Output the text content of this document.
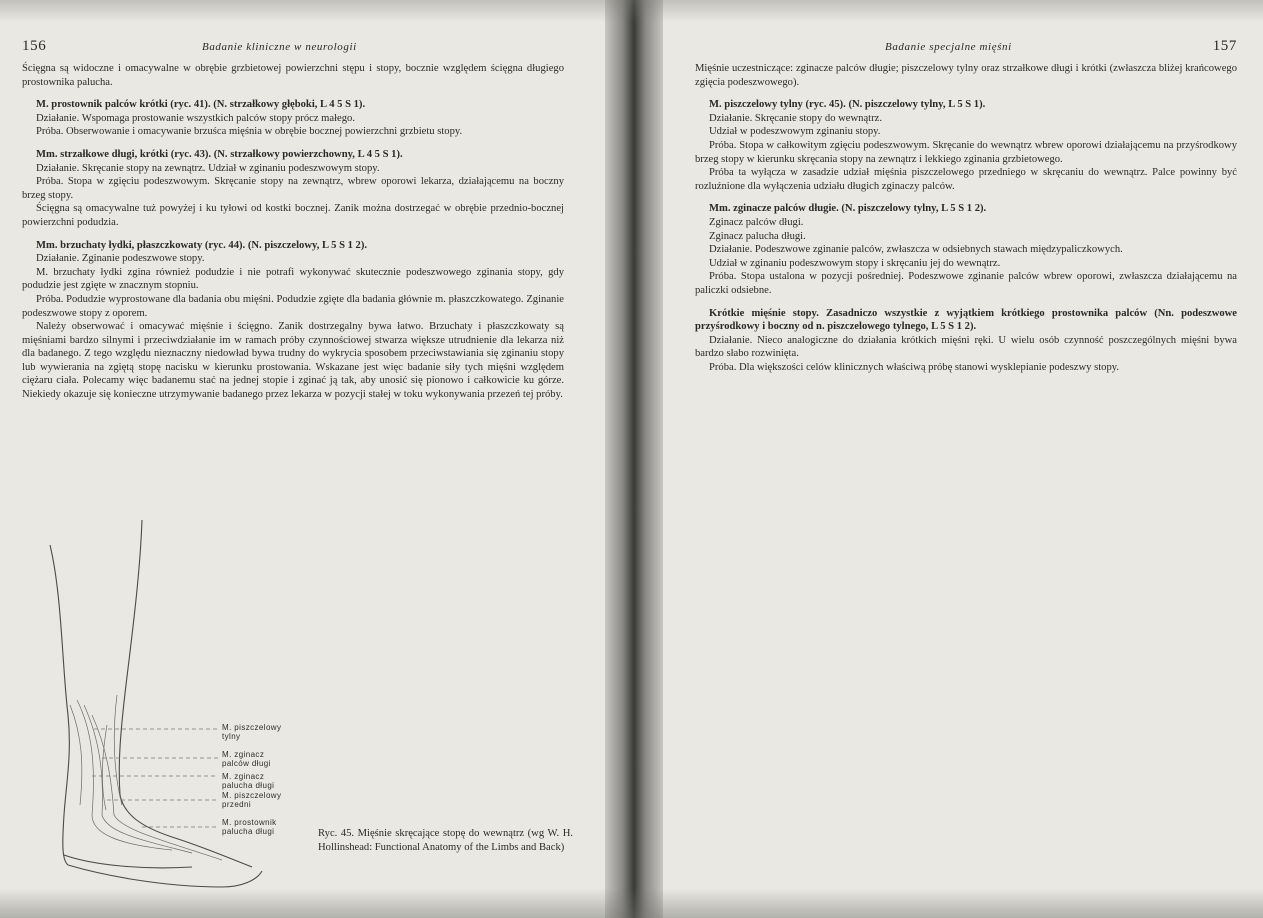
156	Badanie kliniczne w neurologii

Ścięgna są widoczne i omacywalne w obrębie grzbietowej powierzchni stępu i stopy, bocznie względem ścięgna długiego prostownika palucha.

M. prostownik palców krótki (ryc. 41). (N. strzałkowy głęboki, L 4 5 S 1).

Działanie. Wspomaga prostowanie wszystkich palców stopy prócz małego.

Próba. Obserwowanie i omacywanie brzuśca mięśnia w obrębie bocznej powierzchni grzbietu stopy.

Mm. strzałkowe długi, krótki (ryc. 43). (N. strzałkowy powierzchowny, L 4 5 S 1).

Działanie. Skręcanie stopy na zewnątrz. Udział w zginaniu podeszwowym stopy.

Próba. Stopa w zgięciu podeszwowym. Skręcanie stopy na zewnątrz, wbrew oporowi lekarza, działającemu na boczny brzeg stopy.

Ścięgna są omacywalne tuż powyżej i ku tyłowi od kostki bocznej. Zanik można dostrzegać w obrębie przednio-bocznej powierzchni podudzia.

Mm. brzuchaty łydki, płaszczkowaty (ryc. 44). (N. piszczelowy, L 5 S 1 2).

Działanie. Zginanie podeszwowe stopy.

M. brzuchaty łydki zgina również podudzie i nie potrafi wykonywać skutecznie podeszwowego zginania stopy, gdy podudzie jest zgięte w znacznym stopniu.

Próba. Podudzie wyprostowane dla badania obu mięśni. Podudzie zgięte dla badania głównie m. płaszczkowatego. Zginanie podeszwowe stopy z oporem.

Należy obserwować i omacywać mięśnie i ścięgno. Zanik dostrzegalny bywa łatwo. Brzuchaty i płaszczkowaty są mięśniami bardzo silnymi i przeciwdziałanie im w ramach próby czynnościowej stwarza większe utrudnienie dla lekarza niż dla badanego. Z tego względu nieznaczny niedowład bywa trudny do wykrycia sposobem przeciwstawiania się zginaniu stopy lub wywierania na zgiętą stopę nacisku w kierunku prostowania. Wskazane jest więc badanie siły tych mięśni względem ciężaru ciała. Polecamy więc badanemu stać na jednej stopie i zginać ją tak, aby unosić się pionowo i całkowicie ku górze. Niekiedy okazuje się konieczne utrzymywanie badanego przez lekarza w pozycji stałej w toku wykonywania przezeń tej próby.

M. piszczelowy tylny
M. zginacz palców długi
M. zginacz palucha długi
M. piszczelowy przedni
M. prostownik palucha długi	Ryc. 45. Mięśnie skręcające stopę do wewnątrz (wg W. H. Hollinshead: Functional Anatomy of the Limbs and Back)
Badanie specjalne mięśni	157

Mięśnie uczestniczące: zginacze palców długie; piszczelowy tylny oraz strzałkowe długi i krótki (zwłaszcza bliżej krańcowego zgięcia podeszwowego).

M. piszczelowy tylny (ryc. 45). (N. piszczelowy tylny, L 5 S 1).

Działanie. Skręcanie stopy do wewnątrz.

Udział w podeszwowym zginaniu stopy.

Próba. Stopa w całkowitym zgięciu podeszwowym. Skręcanie do wewnątrz wbrew oporowi działającemu na przyśrodkowy brzeg stopy w kierunku skręcania stopy na zewnątrz i lekkiego zginania grzbietowego.

Próba ta wyłącza w zasadzie udział mięśnia piszczelowego przedniego w skręcaniu do wewnątrz. Palce powinny być rozluźnione dla wyłączenia udziału długich zginaczy palców.

Mm. zginacze palców długie. (N. piszczelowy tylny, L 5 S 1 2).

Zginacz palców długi.

Zginacz palucha długi.

Działanie. Podeszwowe zginanie palców, zwłaszcza w odsiebnych stawach międzypaliczkowych.

Udział w zginaniu podeszwowym stopy i skręcaniu jej do wewnątrz.

Próba. Stopa ustalona w pozycji pośredniej. Podeszwowe zginanie palców wbrew oporowi, zwłaszcza działającemu na paliczki odsiebne.

Krótkie mięśnie stopy. Zasadniczo wszystkie z wyjątkiem krótkiego prostownika palców (Nn. podeszwowe przyśrodkowy i boczny od n. piszczelowego tylnego, L 5 S 1 2).

Działanie. Nieco analogiczne do działania krótkich mięśni ręki. U wielu osób czynność poszczególnych mięśni bywa bardzo słabo rozwinięta.

Próba. Dla większości celów klinicznych właściwą próbę stanowi wysklepianie podeszwy stopy.
